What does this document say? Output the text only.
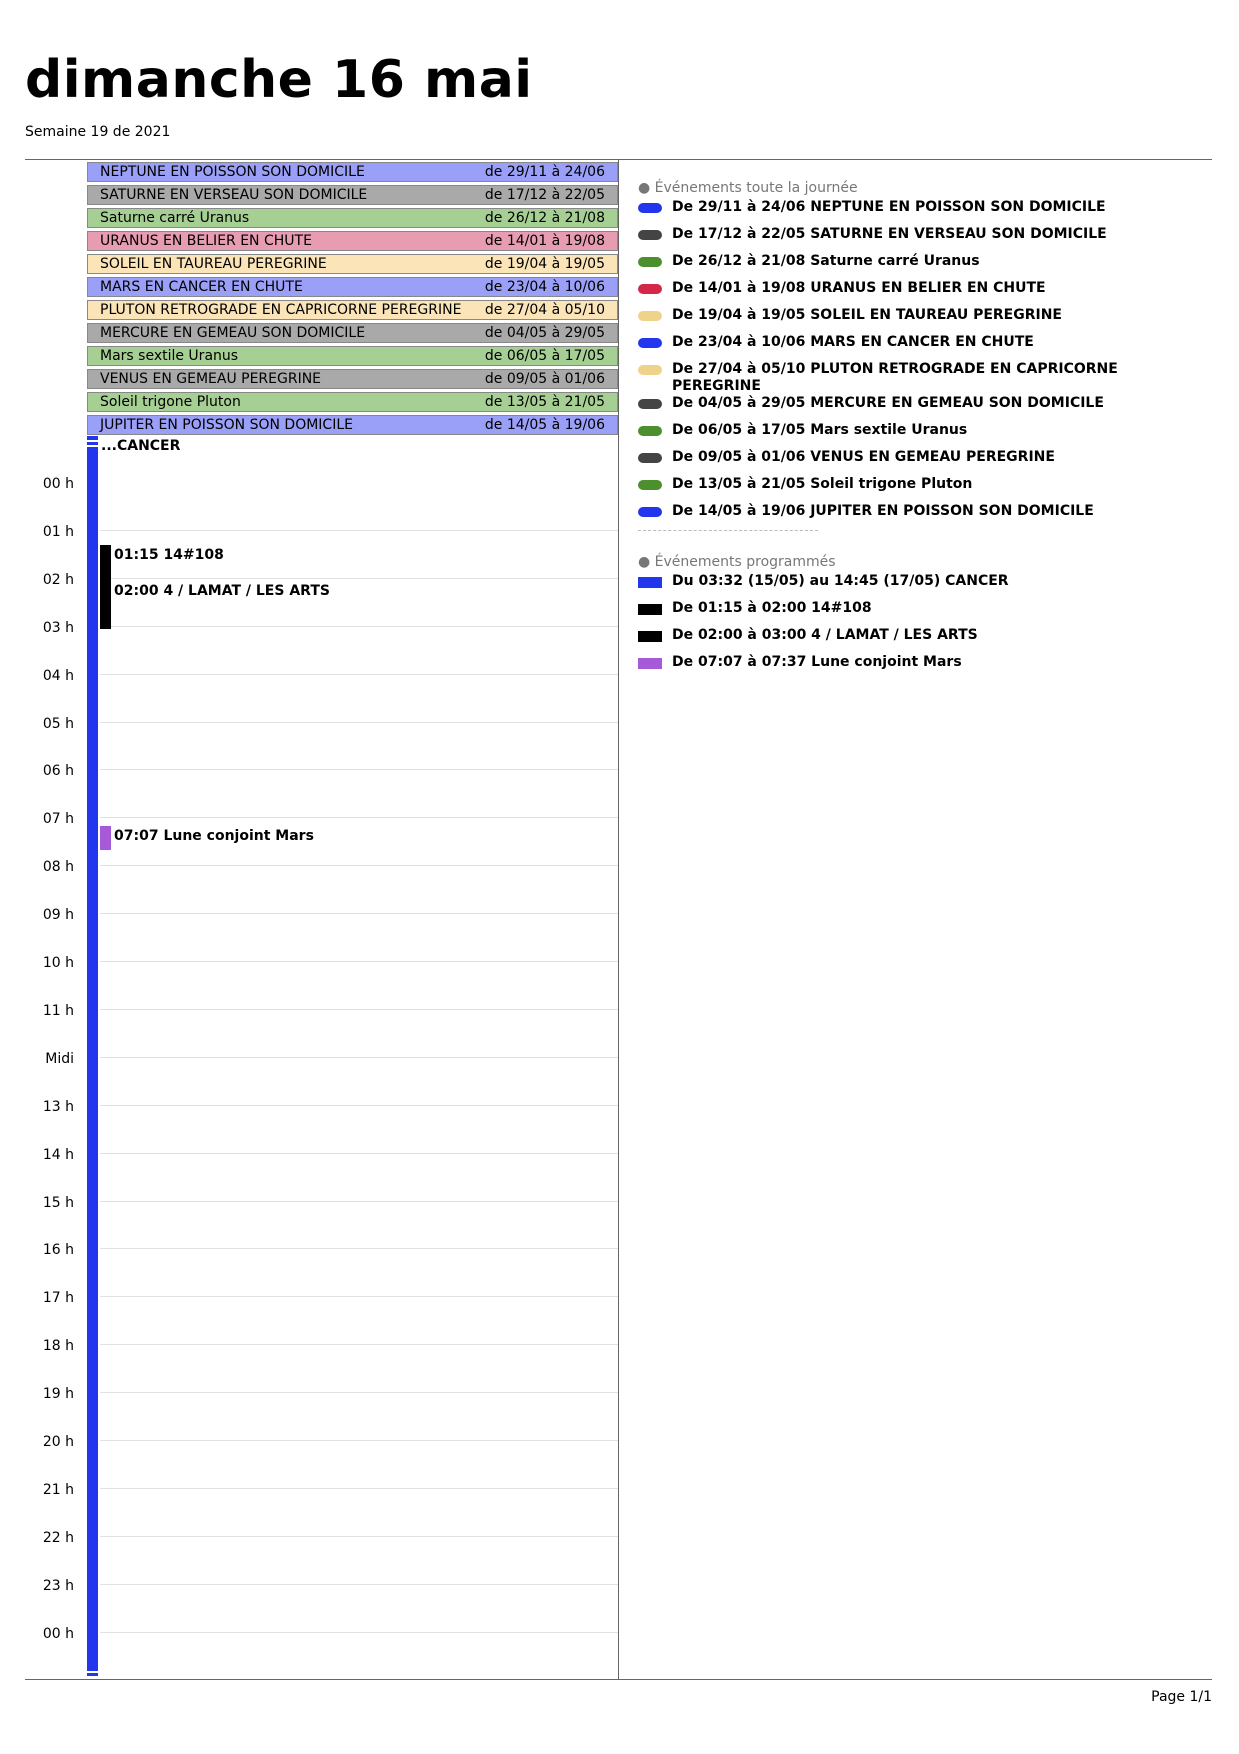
dimanche 16 mai
Semaine 19 de 2021
NEPTUNE EN POISSON SON DOMICILE	de 29/11 à 24/06
SATURNE EN VERSEAU SON DOMICILE	de 17/12 à 22/05
Saturne carré Uranus	de 26/12 à 21/08
URANUS EN BELIER EN CHUTE	de 14/01 à 19/08
SOLEIL EN TAUREAU PEREGRINE	de 19/04 à 19/05
MARS EN CANCER EN CHUTE	de 23/04 à 10/06
PLUTON RETROGRADE EN CAPRICORNE PEREGRINE de 27/04 à 05/10
MERCURE EN GEMEAU SON DOMICILE	de 04/05 à 29/05
Mars sextile Uranus	de 06/05 à 17/05
VENUS EN GEMEAU PEREGRINE	de 09/05 à 01/06
Soleil trigone Pluton	de 13/05 à 21/05
JUPITER EN POISSON SON DOMICILE	de 14/05 à 19/06
...CANCER
00 h
01 h
02 h
03 h
04 h
05 h
06 h
07 h
08 h
09 h
10 h
11 h
Midi
13 h
14 h
15 h
16 h
17 h
18 h
19 h
20 h
21 h
22 h
23 h
00 h
01:15 14#108
02:00 4 / LAMAT / LES ARTS
07:07 Lune conjoint Mars
● Événements toute la journée
De 29/11 à 24/06 NEPTUNE EN POISSON SON DOMICILE
De 17/12 à 22/05 SATURNE EN VERSEAU SON DOMICILE
De 26/12 à 21/08 Saturne carré Uranus
De 14/01 à 19/08 URANUS EN BELIER EN CHUTE
De 19/04 à 19/05 SOLEIL EN TAUREAU PEREGRINE
De 23/04 à 10/06 MARS EN CANCER EN CHUTE
De 27/04 à 05/10 PLUTON RETROGRADE EN CAPRICORNE PEREGRINE
De 04/05 à 29/05 MERCURE EN GEMEAU SON DOMICILE
De 06/05 à 17/05 Mars sextile Uranus
De 09/05 à 01/06 VENUS EN GEMEAU PEREGRINE
De 13/05 à 21/05 Soleil trigone Pluton
De 14/05 à 19/06 JUPITER EN POISSON SON DOMICILE
● Événements programmés
Du 03:32 (15/05) au 14:45 (17/05) CANCER
De 01:15 à 02:00 14#108
De 02:00 à 03:00 4 / LAMAT / LES ARTS
De 07:07 à 07:37 Lune conjoint Mars
Page 1/1
